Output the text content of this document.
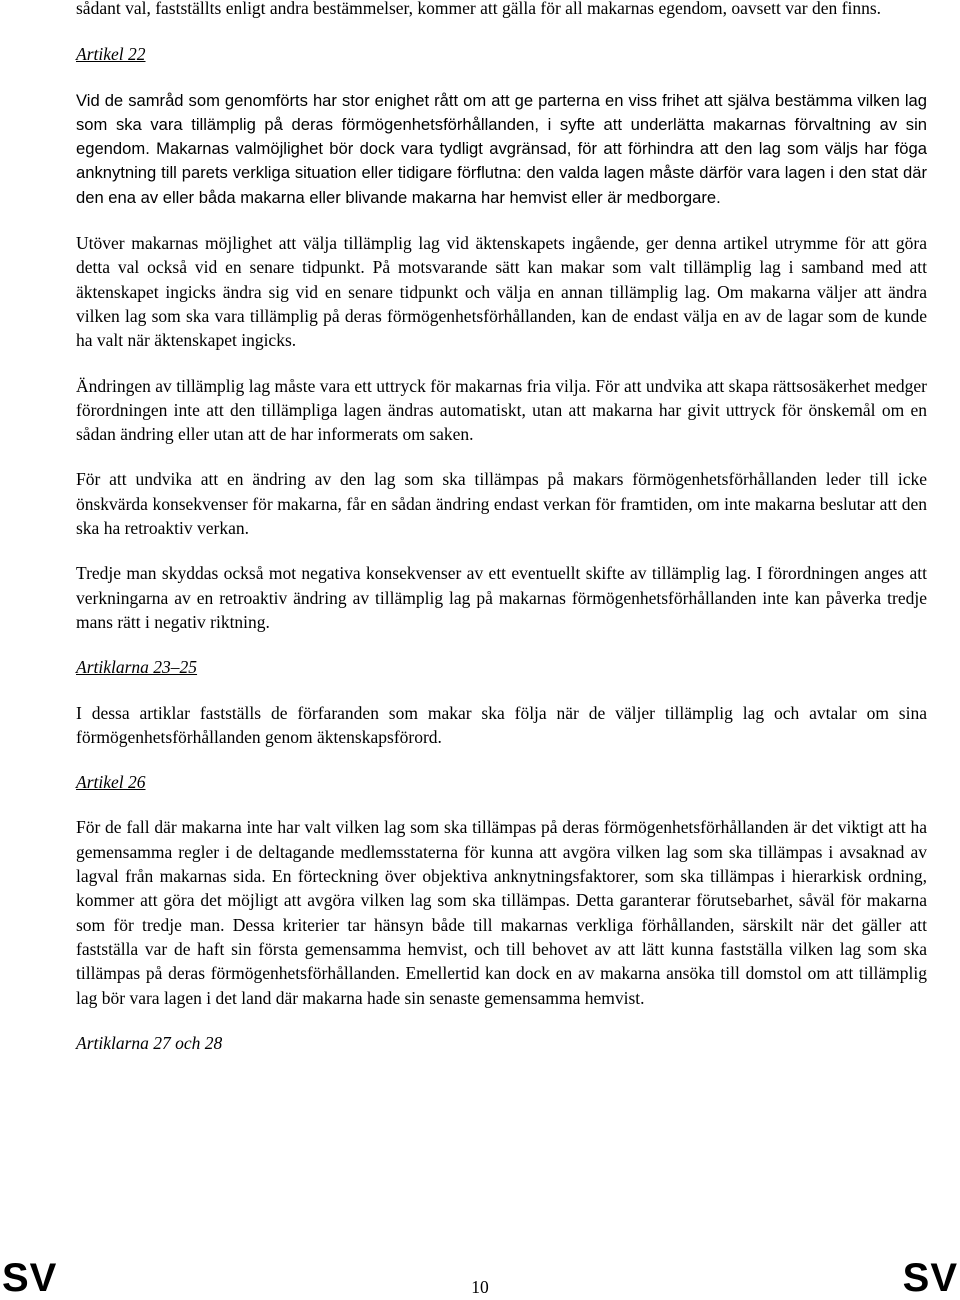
sådant val, fastställts enligt andra bestämmelser, kommer att gälla för all makarnas egendom, oavsett var den finns.

Artikel 22

Vid de samråd som genomförts har stor enighet rått om att ge parterna en viss frihet att själva bestämma vilken lag som ska vara tillämplig på deras förmögenhetsförhållanden, i syfte att underlätta makarnas förvaltning av sin egendom. Makarnas valmöjlighet bör dock vara tydligt avgränsad, för att förhindra att den lag som väljs har föga anknytning till parets verkliga situation eller tidigare förflutna: den valda lagen måste därför vara lagen i den stat där den ena av eller båda makarna eller blivande makarna har hemvist eller är medborgare.

Utöver makarnas möjlighet att välja tillämplig lag vid äktenskapets ingående, ger denna artikel utrymme för att göra detta val också vid en senare tidpunkt. På motsvarande sätt kan makar som valt tillämplig lag i samband med att äktenskapet ingicks ändra sig vid en senare tidpunkt och välja en annan tillämplig lag. Om makarna väljer att ändra vilken lag som ska vara tillämplig på deras förmögenhetsförhållanden, kan de endast välja en av de lagar som de kunde ha valt när äktenskapet ingicks.

Ändringen av tillämplig lag måste vara ett uttryck för makarnas fria vilja. För att undvika att skapa rättsosäkerhet medger förordningen inte att den tillämpliga lagen ändras automatiskt, utan att makarna har givit uttryck för önskemål om en sådan ändring eller utan att de har informerats om saken.

För att undvika att en ändring av den lag som ska tillämpas på makars förmögenhetsförhållanden leder till icke önskvärda konsekvenser för makarna, får en sådan ändring endast verkan för framtiden, om inte makarna beslutar att den ska ha retroaktiv verkan.

Tredje man skyddas också mot negativa konsekvenser av ett eventuellt skifte av tillämplig lag. I förordningen anges att verkningarna av en retroaktiv ändring av tillämplig lag på makarnas förmögenhetsförhållanden inte kan påverka tredje mans rätt i negativ riktning.

Artiklarna 23–25

I dessa artiklar fastställs de förfaranden som makar ska följa när de väljer tillämplig lag och avtalar om sina förmögenhetsförhållanden genom äktenskapsförord.

Artikel 26

För de fall där makarna inte har valt vilken lag som ska tillämpas på deras förmögenhetsförhållanden är det viktigt att ha gemensamma regler i de deltagande medlemsstaterna för kunna att avgöra vilken lag som ska tillämpas i avsaknad av lagval från makarnas sida. En förteckning över objektiva anknytningsfaktorer, som ska tillämpas i hierarkisk ordning, kommer att göra det möjligt att avgöra vilken lag som ska tillämpas. Detta garanterar förutsebarhet, såväl för makarna som för tredje man. Dessa kriterier tar hänsyn både till makarnas verkliga förhållanden, särskilt när det gäller att fastställa var de haft sin första gemensamma hemvist, och till behovet av att lätt kunna fastställa vilken lag som ska tillämpas på deras förmögenhetsförhållanden. Emellertid kan dock en av makarna ansöka till domstol om att tillämplig lag bör vara lagen i det land där makarna hade sin senaste gemensamma hemvist.

Artiklarna 27 och 28

SV	10	SV
